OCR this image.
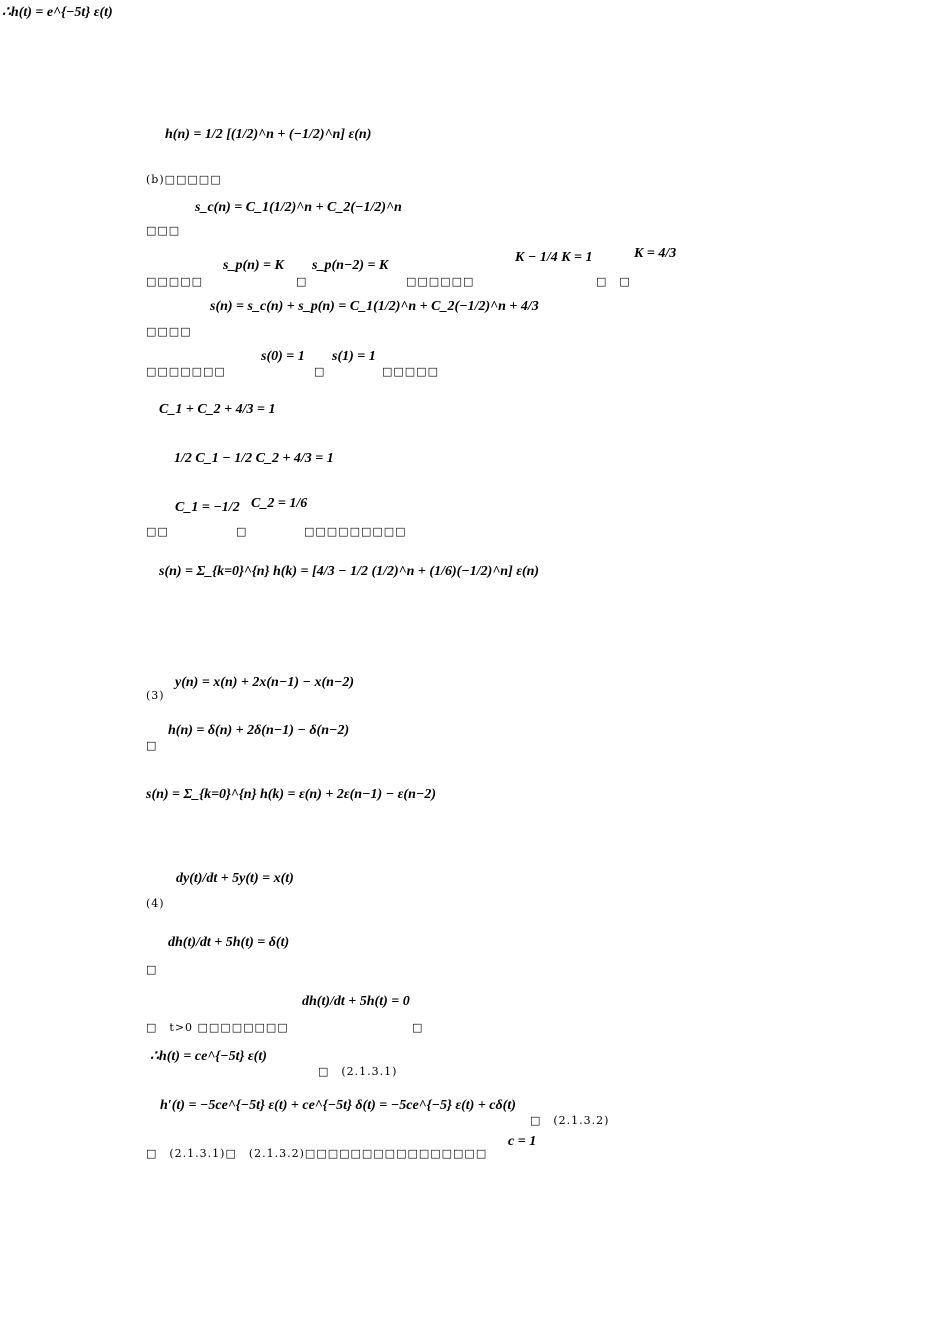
∴h(t) = e^{−5t} ε(t)
h(n) = 1/2 [(1/2)^n + (−1/2)^n] ε(n)
s_c(n) = C_1(1/2)^n + C_2(−1/2)^n
s_p(n) = K s_p(n−2) = K
K − 1/4 K = 1	K = 4/3
s(n) = s_c(n) + s_p(n) = C_1(1/2)^n + C_2(−1/2)^n + 4/3
s(0) = 1 s(1) = 1
C_1 + C_2 + 4/3 = 1
1/2 C_1 − 1/2 C_2 + 4/3 = 1
C_1 = −1/2 C_2 = 1/6
s(n) = Σ_{k=0}^{n} h(k) = [4/3 − 1/2 (1/2)^n + (1/6)(−1/2)^n] ε(n)
y(n) = x(n) + 2x(n−1) − x(n−2)
h(n) = δ(n) + 2δ(n−1) − δ(n−2)
s(n) = Σ_{k=0}^{n} h(k) = ε(n) + 2ε(n−1) − ε(n−2)
dy(t)/dt + 5y(t) = x(t)
dh(t)/dt + 5h(t) = δ(t)
dh(t)/dt + 5h(t) = 0
∴h(t) = ce^{−5t} ε(t)
h′(t) = −5ce^{−5t} ε(t) + ce^{−5t} δ(t) = −5ce^{−5} ε(t) + cδ(t)
c = 1
(b)□□□□□
□□□
□□□□□	□	□□□□□□	□　□
□□□□
□□□□□□□	□	□□□□□
□□	□	□□□□□□□□□
(3)
□
(4)
□
□　t>0 □□□□□□□□	□
□　(2.1.3.1)
□　(2.1.3.2)
□　(2.1.3.1)□　(2.1.3.2)□□□□□□□□□□□□□□□□
